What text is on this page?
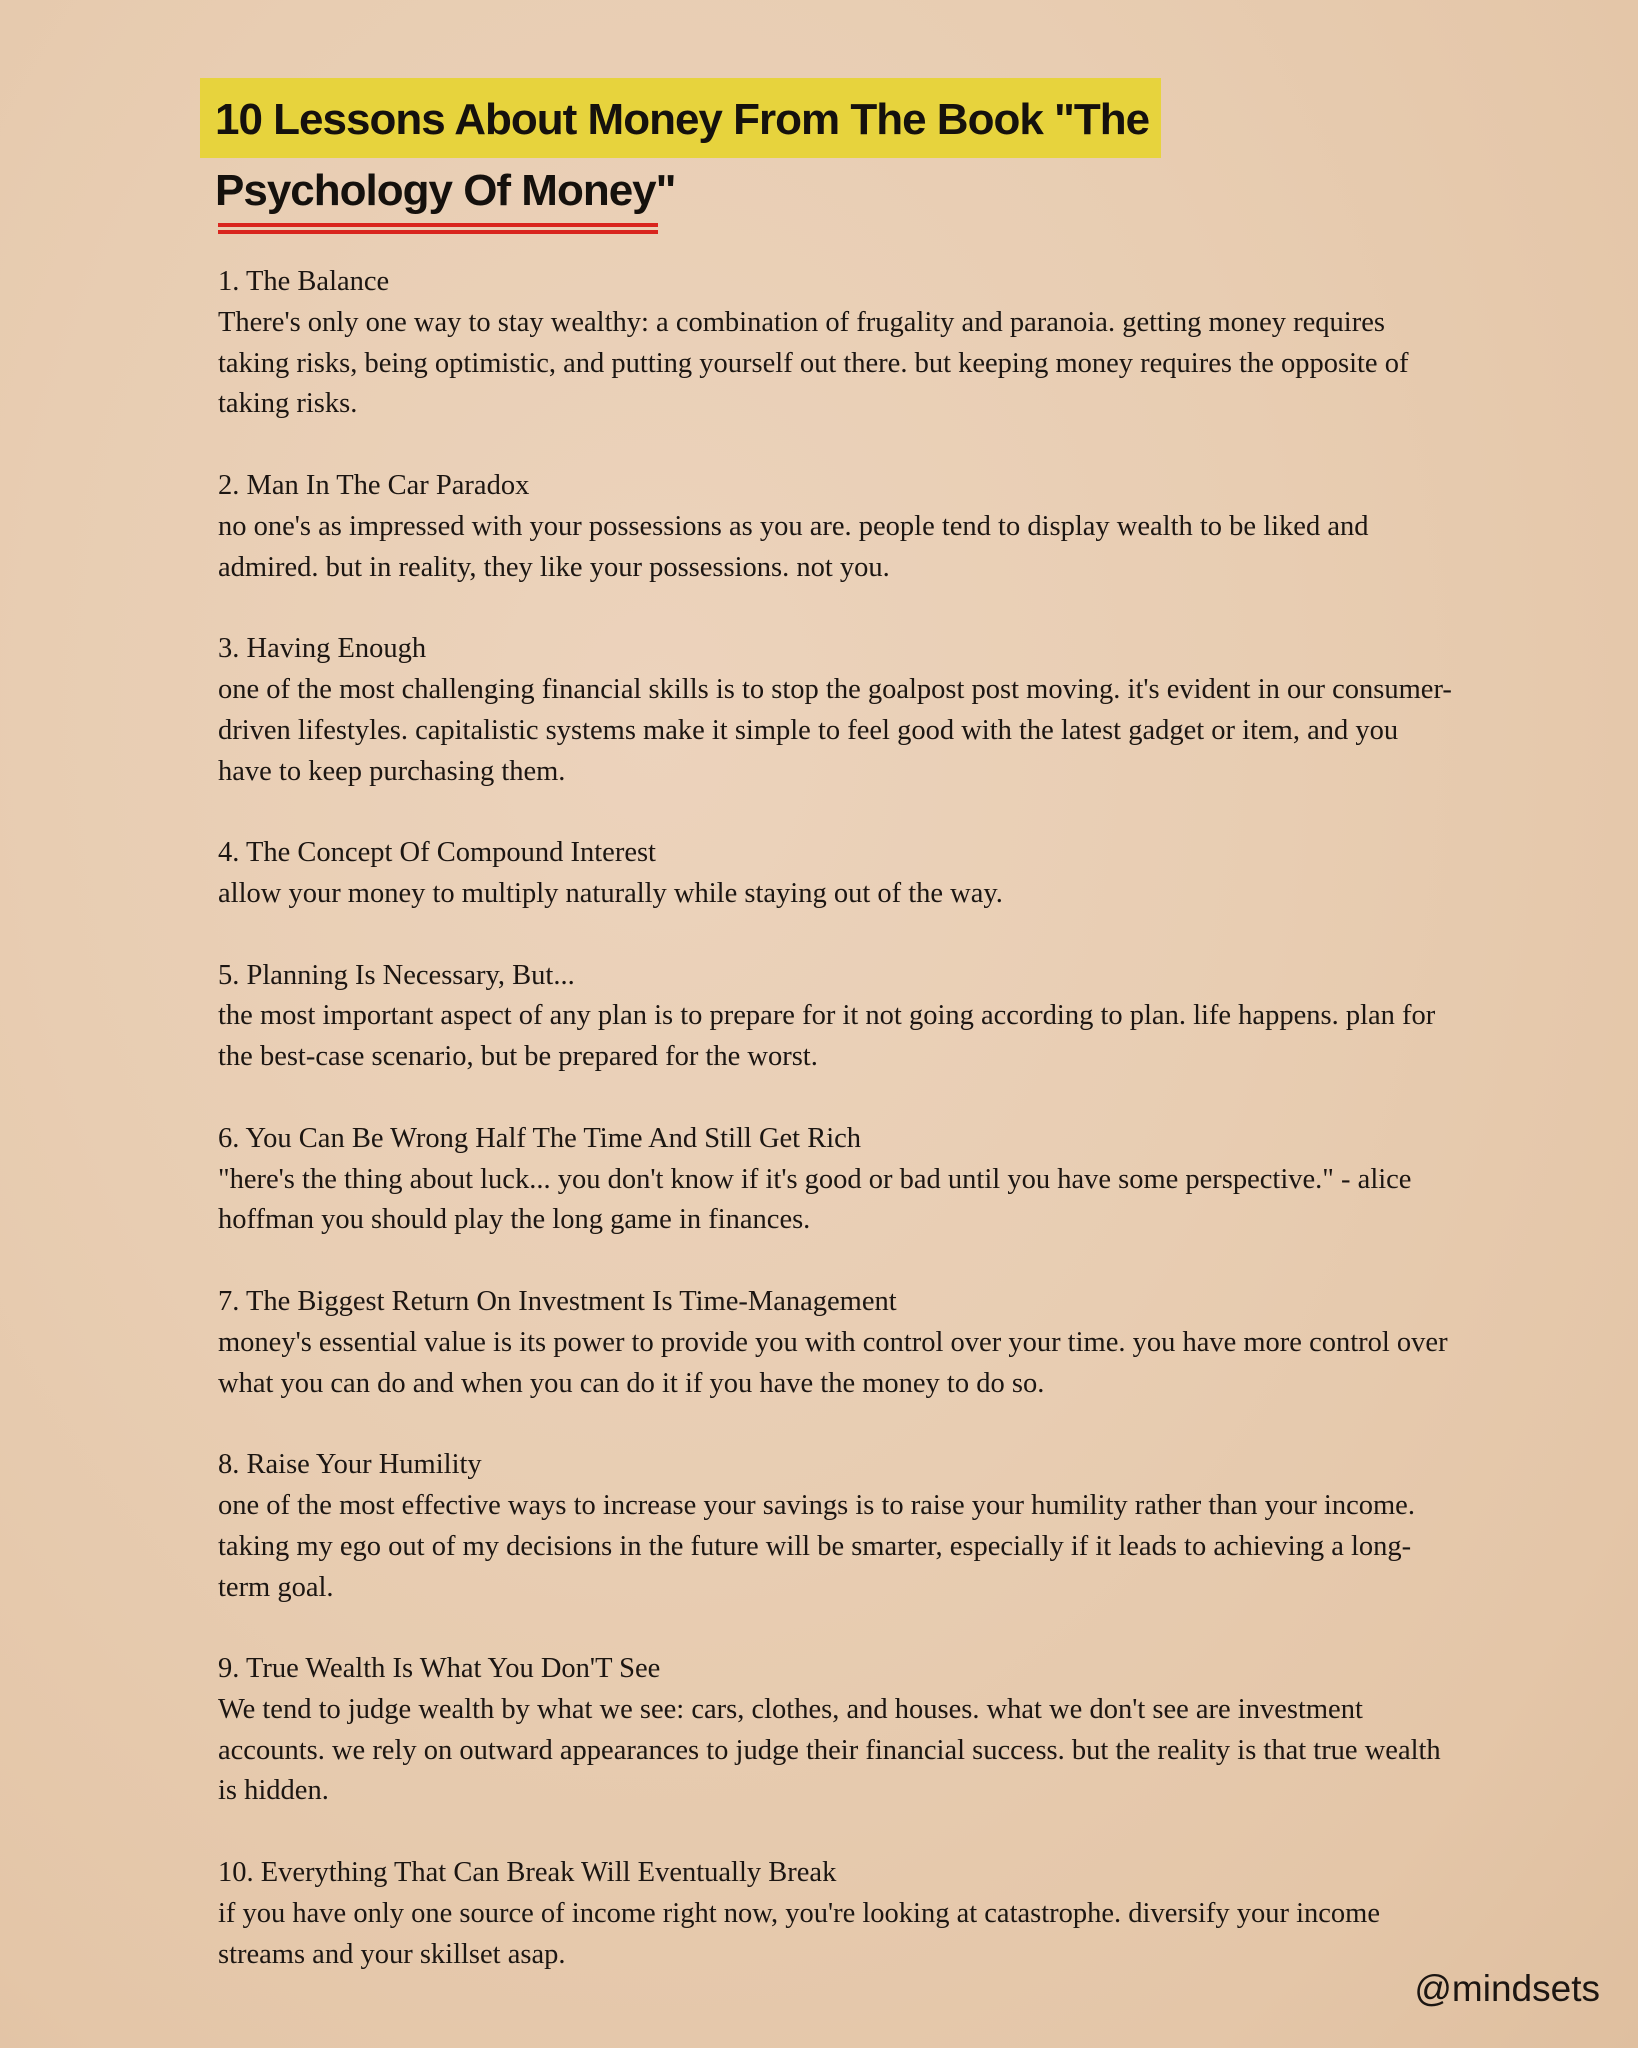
10 Lessons About Money From The Book "The
Psychology Of Money"
1. The Balance
There's only one way to stay wealthy: a combination of frugality and paranoia. getting money requires taking risks, being optimistic, and putting yourself out there. but keeping money requires the opposite of taking risks.
2. Man In The Car Paradox
no one's as impressed with your possessions as you are. people tend to display wealth to be liked and admired. but in reality, they like your possessions. not you.
3. Having Enough
one of the most challenging financial skills is to stop the goalpost post moving. it's evident in our consumer-driven lifestyles. capitalistic systems make it simple to feel good with the latest gadget or item, and you have to keep purchasing them.
4. The Concept Of Compound Interest
allow your money to multiply naturally while staying out of the way.
5. Planning Is Necessary, But...
the most important aspect of any plan is to prepare for it not going according to plan. life happens. plan for the best-case scenario, but be prepared for the worst.
6. You Can Be Wrong Half The Time And Still Get Rich
"here's the thing about luck... you don't know if it's good or bad until you have some perspective." - alice hoffman you should play the long game in finances.
7. The Biggest Return On Investment Is Time-Management
money's essential value is its power to provide you with control over your time. you have more control over what you can do and when you can do it if you have the money to do so.
8. Raise Your Humility
one of the most effective ways to increase your savings is to raise your humility rather than your income. taking my ego out of my decisions in the future will be smarter, especially if it leads to achieving a long-term goal.
9. True Wealth Is What You Don'T See
We tend to judge wealth by what we see: cars, clothes, and houses. what we don't see are investment accounts. we rely on outward appearances to judge their financial success. but the reality is that true wealth is hidden.
10. Everything That Can Break Will Eventually Break
if you have only one source of income right now, you're looking at catastrophe. diversify your income streams and your skillset asap.
@mindsets
